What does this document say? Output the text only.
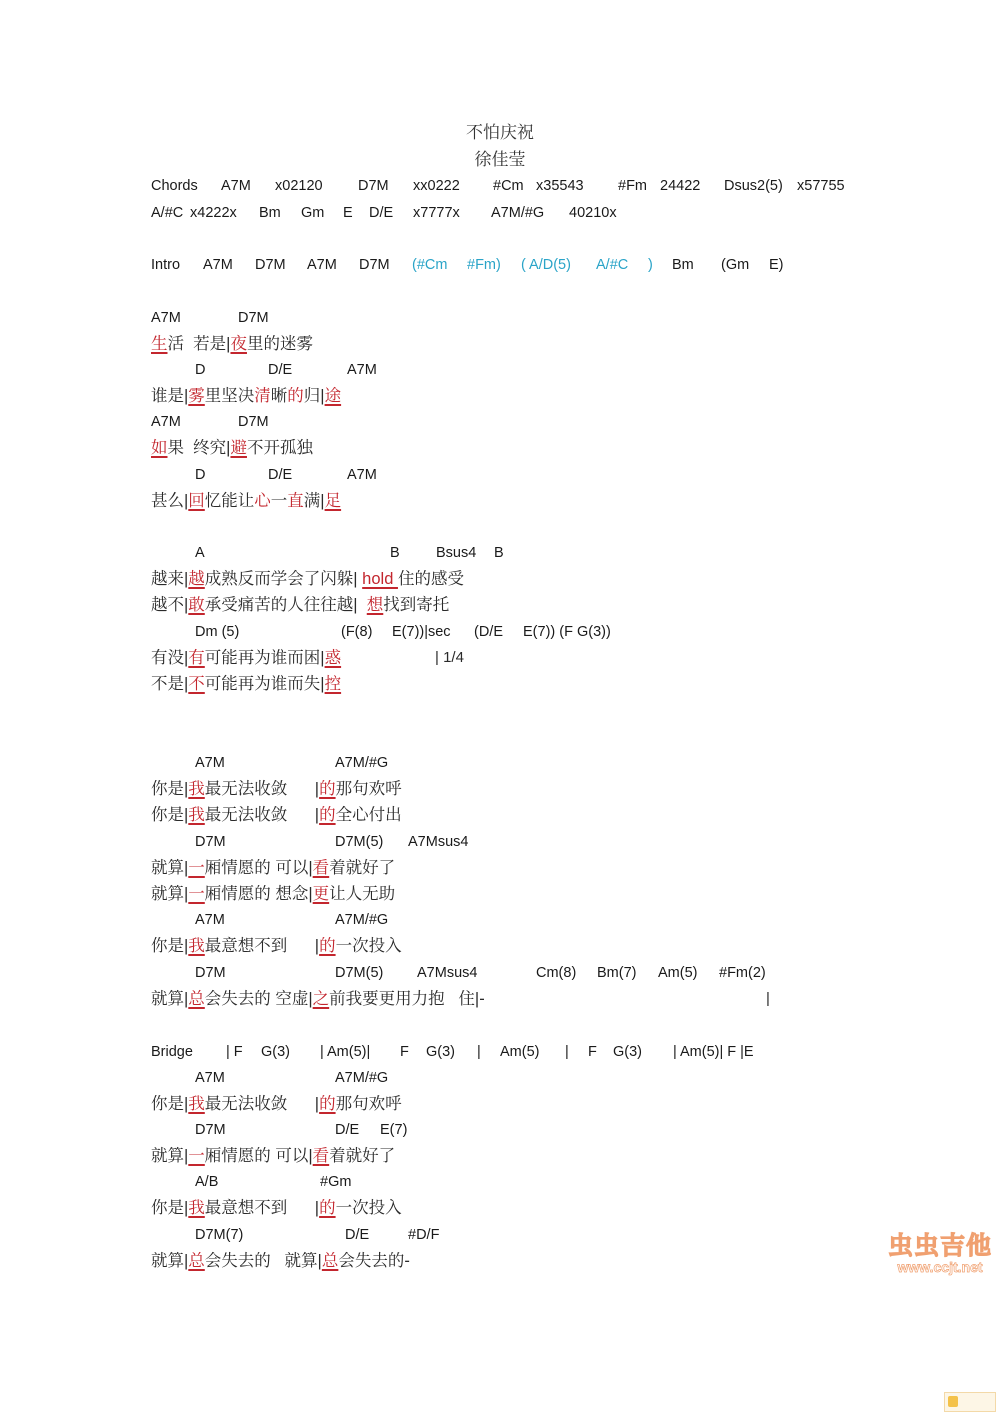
不怕庆祝
徐佳莹
Chords A7M x02120 D7M xx0222 #Cm x35543 #Fm 24422 Dsus2(5) x57755
A/#C x4222x Bm Gm E D/E x7777x A7M/#G 40210x
Intro A7M D7M A7M D7M (#Cm #Fm) ( A/D(5) A/#C ) Bm (Gm E)
A7M	D7M
生活  若是|夜里的迷雾
D	D/E	A7M
谁是|雾里坚决清晰的归|途
A7M	D7M
如果  终究|避不开孤独
D	D/E	A7M
甚么|回忆能让心一直满|足
A	B	Bsus4 B
越来|越成熟反而学会了闪躲| hold 住的感受
越不|敢承受痛苦的人往往越|  想找到寄托
Dm (5)	(F(8) E(7))|sec (D/E E(7)) (F G(3))
有没|有可能再为谁而困|惑	| 1/4
不是|不可能再为谁而失|控
A7M	A7M/#G
你是|我最无法收敛      |的那句欢呼
你是|我最无法收敛      |的全心付出
D7M	D7M(5) A7Msus4
就算|一厢情愿的 可以|看着就好了
就算|一厢情愿的 想念|更让人无助
A7M	A7M/#G
你是|我最意想不到      |的一次投入
D7M	D7M(5) A7Msus4	Cm(8) Bm(7) Am(5) #Fm(2)
就算|总会失去的 空虚|之前我要更用力抱   住|-	|
Bridge | F G(3) | Am(5)| F G(3) | Am(5) | F G(3) | Am(5)| F |E
A7M	A7M/#G
你是|我最无法收敛      |的那句欢呼
D7M	D/E E(7)
就算|一厢情愿的 可以|看着就好了
A/B	#Gm
你是|我最意想不到      |的一次投入
D7M(7)	D/E	#D/F
就算|总会失去的   就算|总会失去的-
虫虫吉他
www.ccjt.net
